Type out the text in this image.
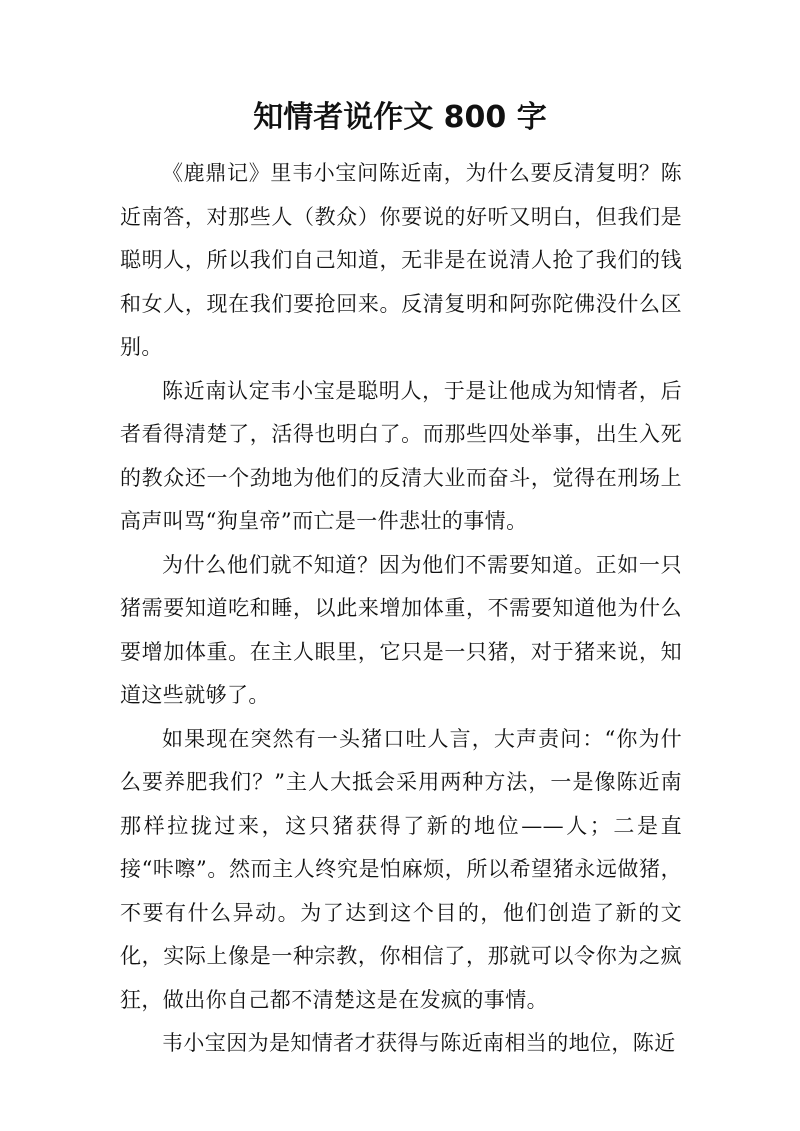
知情者说作文 800 字

《鹿鼎记》里韦小宝问陈近南，为什么要反清复明？陈近南答，对那些人（教众）你要说的好听又明白，但我们是聪明人，所以我们自己知道，无非是在说清人抢了我们的钱和女人，现在我们要抢回来。反清复明和阿弥陀佛没什么区别。

陈近南认定韦小宝是聪明人，于是让他成为知情者，后者看得清楚了，活得也明白了。而那些四处举事，出生入死的教众还一个劲地为他们的反清大业而奋斗，觉得在刑场上高声叫骂“狗皇帝”而亡是一件悲壮的事情。

为什么他们就不知道？因为他们不需要知道。正如一只猪需要知道吃和睡，以此来增加体重，不需要知道他为什么要增加体重。在主人眼里，它只是一只猪，对于猪来说，知道这些就够了。

如果现在突然有一头猪口吐人言，大声责问：“你为什么要养肥我们？”主人大抵会采用两种方法，一是像陈近南那样拉拢过来，这只猪获得了新的地位——人；二是直接“咔嚓”。然而主人终究是怕麻烦，所以希望猪永远做猪，不要有什么异动。为了达到这个目的，他们创造了新的文化，实际上像是一种宗教，你相信了，那就可以令你为之疯狂，做出你自己都不清楚这是在发疯的事情。

韦小宝因为是知情者才获得与陈近南相当的地位，陈近
